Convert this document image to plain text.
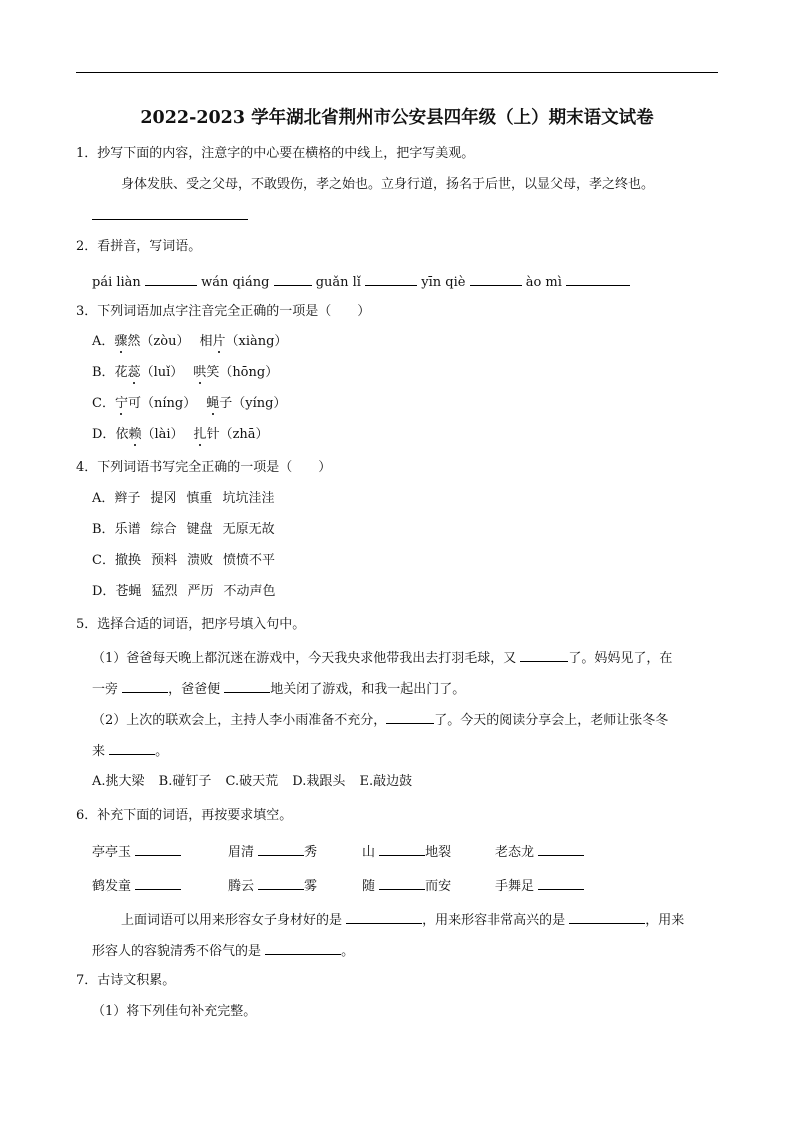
2022-2023 学年湖北省荆州市公安县四年级（上）期末语文试卷
1．抄写下面的内容，注意字的中心要在横格的中线上，把字写美观。
身体发肤、受之父母，不敢毁伤，孝之始也。立身行道，扬名于后世，以显父母，孝之终也。
2．看拼音，写词语。
pái liàn	wán qiáng	guǎn lǐ	yīn qiè	ào mì
3．下列词语加点字注音完全正确的一项是（　　）
A．骤然（zòu） 相片（xiàng）
B．花蕊（luǐ） 哄笑（hōng）
C．宁可（níng） 蝇子（yíng）
D．依赖（lài） 扎针（zhā）
4．下列词语书写完全正确的一项是（　　）
A．辫子 提冈 慎重 坑坑洼洼
B．乐谱 综合 键盘 无原无故
C．撤换 预料 溃败 愤愤不平
D．苍蝇 猛烈 严历 不动声色
5．选择合适的词语，把序号填入句中。
（1）爸爸每天晚上都沉迷在游戏中，今天我央求他带我出去打羽毛球，又	了。妈妈见了，在
一旁	，爸爸便	地关闭了游戏，和我一起出门了。
（2）上次的联欢会上，主持人李小雨准备不充分，	了。今天的阅读分享会上，老师让张冬冬
来	。
A.挑大梁 B.碰钉子 C.破天荒 D.栽跟头 E.敲边鼓
6．补充下面的词语，再按要求填空。
亭亭玉	眉清	秀	山	地裂	老态龙
鹤发童	腾云	雾	随	而安	手舞足
上面词语可以用来形容女子身材好的是	，用来形容非常高兴的是	，用来
形容人的容貌清秀不俗气的是	。
7．古诗文积累。
（1）将下列佳句补充完整。
